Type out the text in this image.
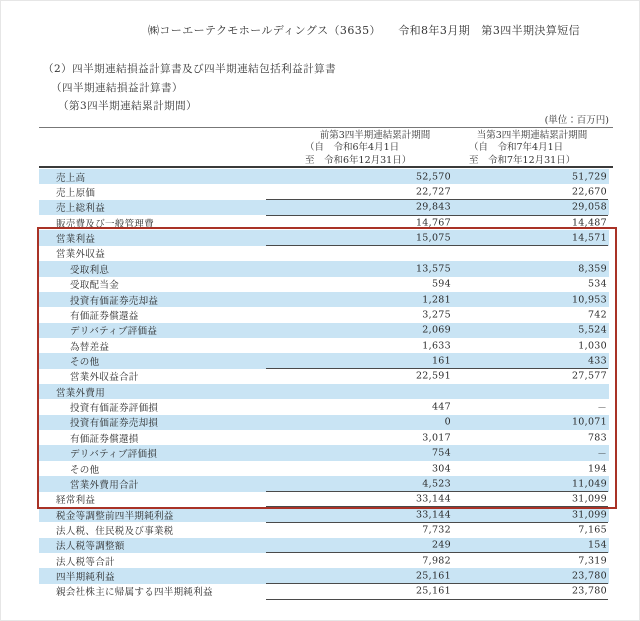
㈱コーエーテクモホールディングス（3635）　　令和8年3月期　第3四半期決算短信
（2）四半期連結損益計算書及び四半期連結包括利益計算書
（四半期連結損益計算書）
（第3四半期連結累計期間）
(単位：百万円)
前第3四半期連結累計期間
（自　令和6年4月1日
至　令和6年12月31日）
当第3四半期連結累計期間
（自　令和7年4月1日
至　令和7年12月31日）
売上高	52,570	51,729
売上原価	22,727	22,670
売上総利益	29,843	29,058
販売費及び一般管理費	14,767	14,487
営業利益	15,075	14,571
営業外収益
受取利息	13,575	8,359
受取配当金	594	534
投資有価証券売却益	1,281	10,953
有価証券償還益	3,275	742
デリバティブ評価益	2,069	5,524
為替差益	1,633	1,030
その他	161	433
営業外収益合計	22,591	27,577
営業外費用
投資有価証券評価損	447	－
投資有価証券売却損	0	10,071
有価証券償還損	3,017	783
デリバティブ評価損	754	－
その他	304	194
営業外費用合計	4,523	11,049
経常利益	33,144	31,099
税金等調整前四半期純利益	33,144	31,099
法人税、住民税及び事業税	7,732	7,165
法人税等調整額	249	154
法人税等合計	7,982	7,319
四半期純利益	25,161	23,780
親会社株主に帰属する四半期純利益	25,161	23,780
